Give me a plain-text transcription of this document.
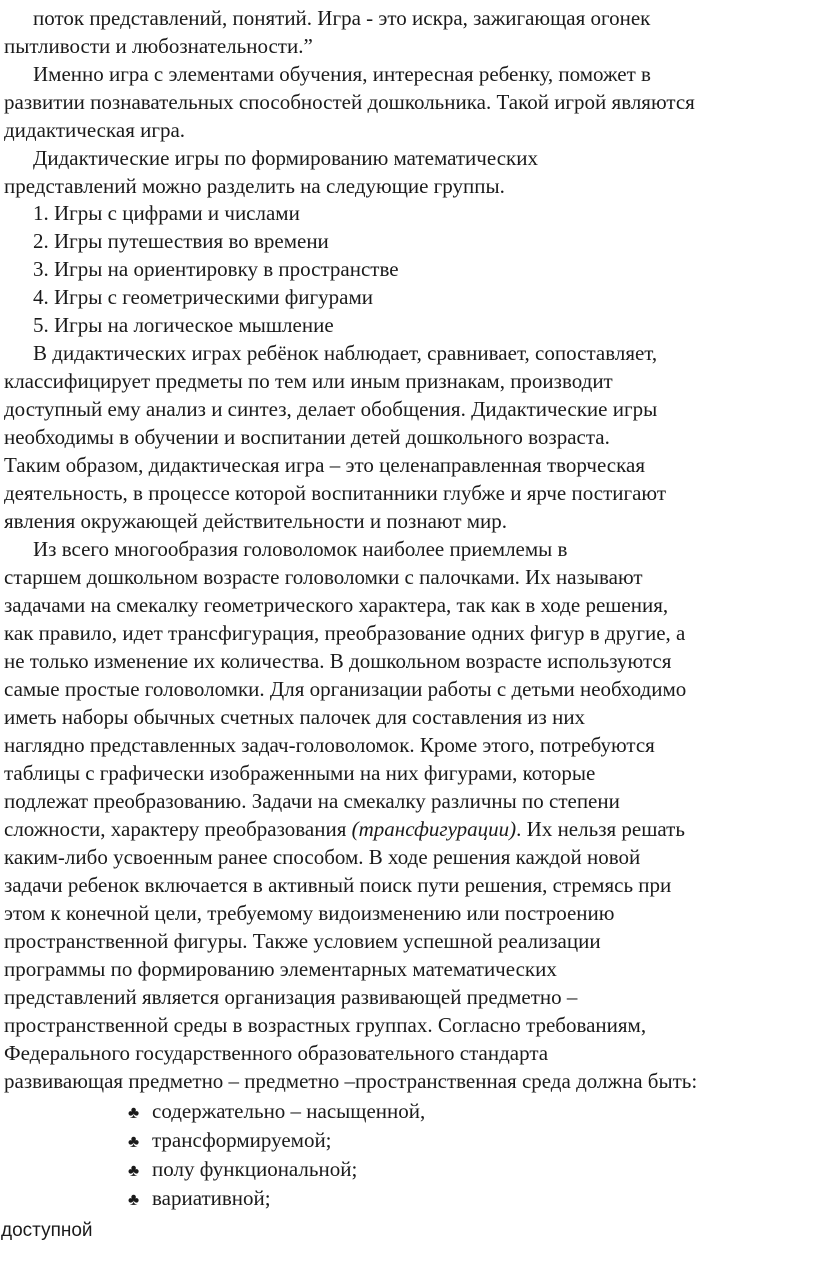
поток представлений, понятий. Игра - это искра, зажигающая огонек
пытливости и любознательности.”
Именно игра с элементами обучения, интересная ребенку, поможет в
развитии познавательных способностей дошкольника. Такой игрой являются
дидактическая игра.
Дидактические игры по формированию математических
представлений можно разделить на следующие группы.
1. Игры с цифрами и числами
2. Игры путешествия во времени
3. Игры на ориентировку в пространстве
4. Игры с геометрическими фигурами
5. Игры на логическое мышление
В дидактических играх ребёнок наблюдает, сравнивает, сопоставляет,
классифицирует предметы по тем или иным признакам, производит
доступный ему анализ и синтез, делает обобщения. Дидактические игры
необходимы в обучении и воспитании детей дошкольного возраста.
Таким образом, дидактическая игра – это целенаправленная творческая
деятельность, в процессе которой воспитанники глубже и ярче постигают
явления окружающей действительности и познают мир.
Из всего многообразия головоломок наиболее приемлемы в
старшем дошкольном возрасте головоломки с палочками. Их называют
задачами на смекалку геометрического характера, так как в ходе решения,
как правило, идет трансфигурация, преобразование одних фигур в другие, а
не только изменение их количества. В дошкольном возрасте используются
самые простые головоломки. Для организации работы с детьми необходимо
иметь наборы обычных счетных палочек для составления из них
наглядно представленных задач-головоломок. Кроме этого, потребуются
таблицы с графически изображенными на них фигурами, которые
подлежат преобразованию. Задачи на смекалку различны по степени
сложности, характеру преобразования (трансфигурации). Их нельзя решать
каким-либо усвоенным ранее способом. В ходе решения каждой новой
задачи ребенок включается в активный поиск пути решения, стремясь при
этом к конечной цели, требуемому видоизменению или построению
пространственной фигуры. Также условием успешной реализации
программы по формированию элементарных математических
представлений является организация развивающей предметно –
пространственной среды в возрастных группах. Согласно требованиям,
Федерального государственного образовательного стандарта
развивающая предметно – предметно –пространственная среда должна быть:
♣ содержательно – насыщенной,
♣ трансформируемой;
♣ полу функциональной;
♣ вариативной;
доступной
